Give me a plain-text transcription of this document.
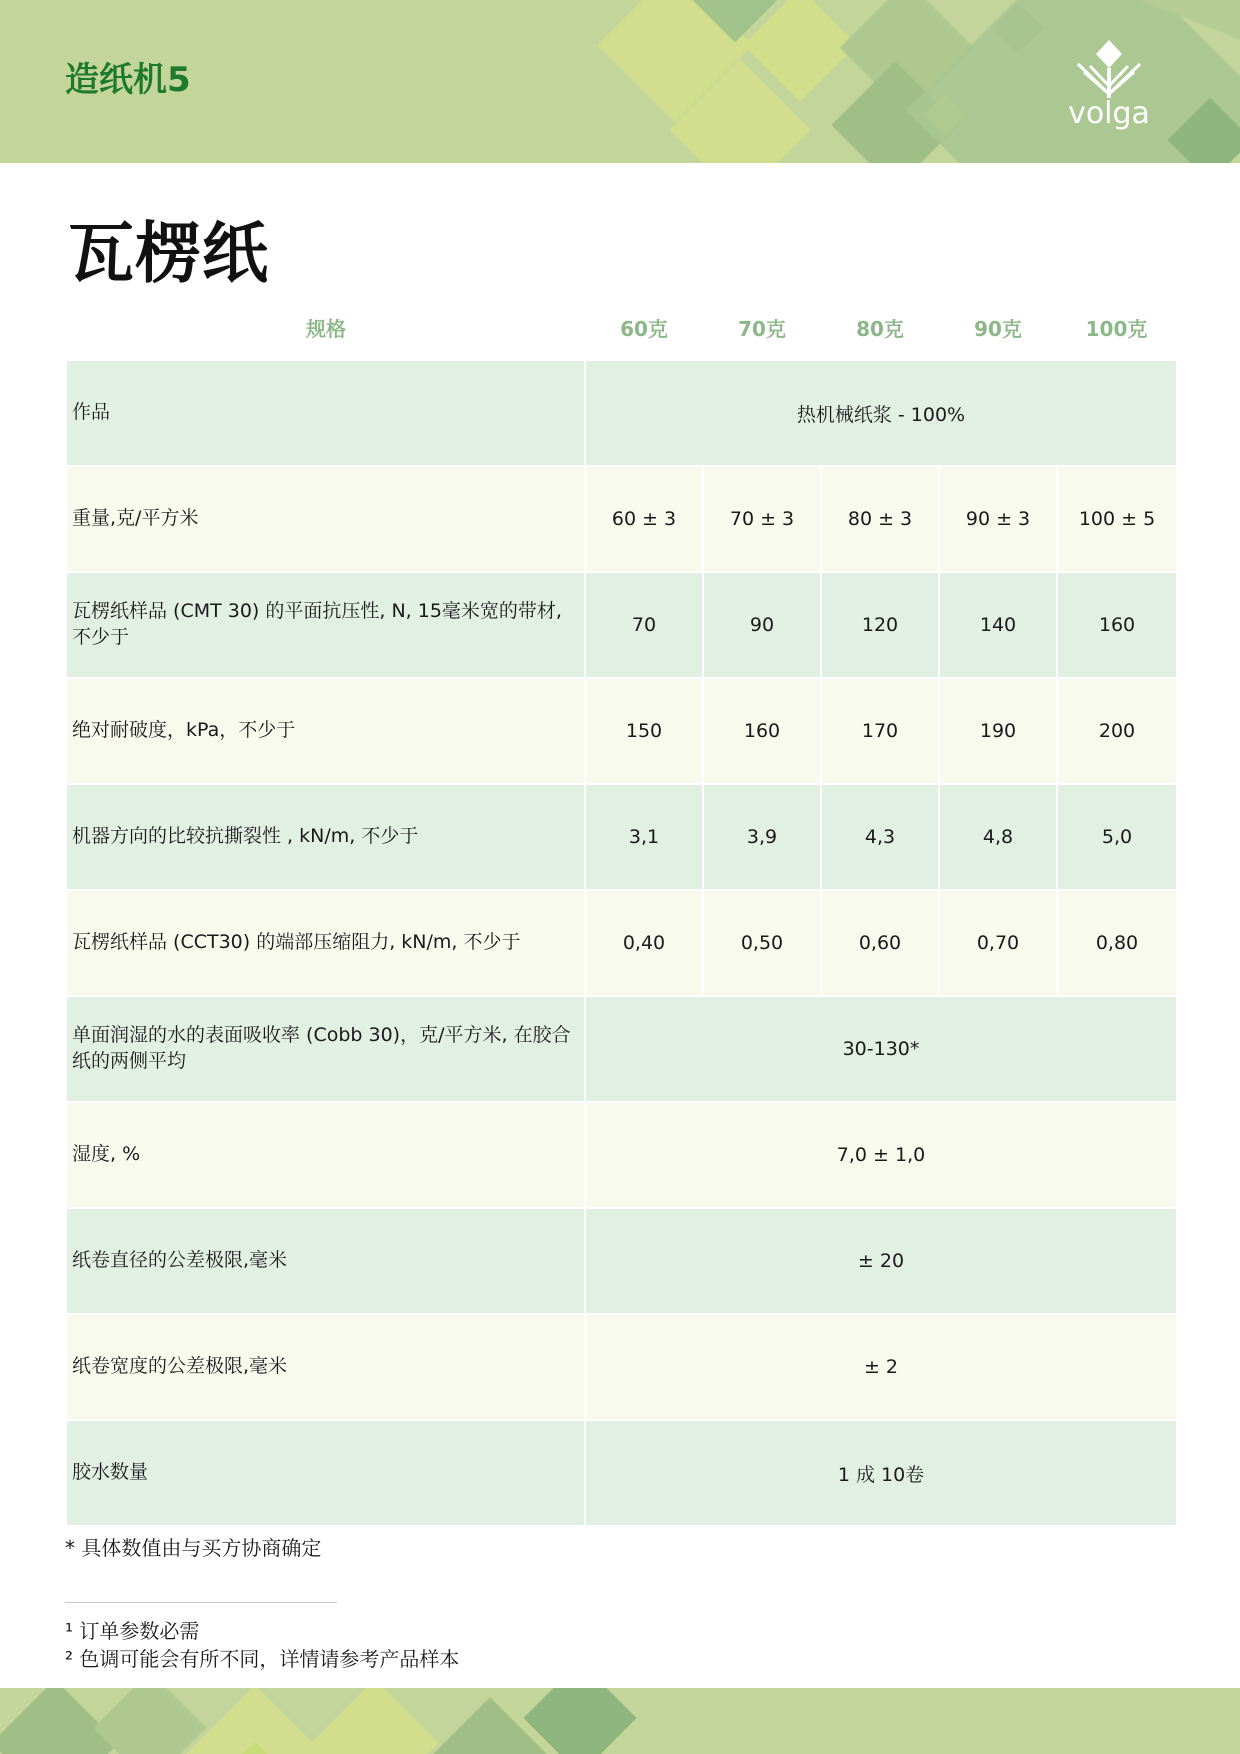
造纸机5
volga
瓦楞纸
规格	60克	70克	80克	90克	100克
作品	热机械纸浆 - 100%				
重量,克/平方米	60 ± 3	70 ± 3	80 ± 3	90 ± 3	100 ± 5
瓦楞纸样品 (CMT 30) 的平面抗压性, N, 15毫米宽的带材, 不少于	70	90	120	140	160
绝对耐破度，kPa，不少于	150	160	170	190	200
机器方向的比较抗撕裂性 , kN/m, 不少于	3,1	3,9	4,3	4,8	5,0
瓦楞纸样品 (CCT30) 的端部压缩阻力, kN/m, 不少于	0,40	0,50	0,60	0,70	0,80
单面润湿的水的表面吸收率 (Cobb 30)，克/平方米, 在胶合纸的两侧平均	30-130*				
湿度, %	7,0 ± 1,0				
纸卷直径的公差极限,毫米	± 20				
纸卷宽度的公差极限,毫米	± 2				
胶水数量	1 成 10卷				

* 具体数值由与买方协商确定

¹ 订单参数必需

² 色调可能会有所不同，详情请参考产品样本
